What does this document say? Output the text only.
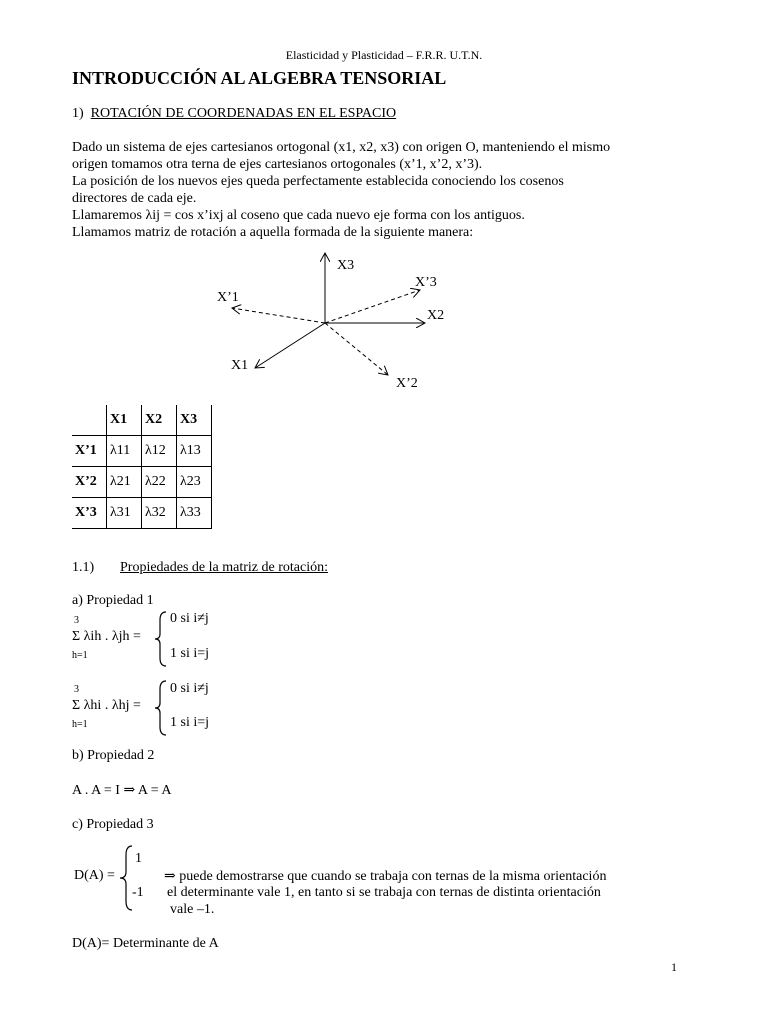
Elasticidad y Plasticidad – F.R.R. U.T.N.
INTRODUCCIÓN AL ALGEBRA TENSORIAL
1) ROTACIÓN DE COORDENADAS EN EL ESPACIO
Dado un sistema de ejes cartesianos ortogonal (x1, x2, x3) con origen O, manteniendo el mismo
origen tomamos otra terna de ejes cartesianos ortogonales (x’1, x’2, x’3).
La posición de los nuevos ejes queda perfectamente establecida conociendo los cosenos
directores de cada eje.
Llamaremos λij = cos x’ixj al coseno que cada nuevo eje forma con los antiguos.
Llamamos matriz de rotación a aquella formada de la siguiente manera:
X3
X’3
X’1
X2
X1
X’2
	X1	X2	X3
X’1	λ11	λ12	λ13
X’2	λ21	λ22	λ23
X’3	λ31	λ32	λ33
1.1) Propiedades de la matriz de rotación:
a) Propiedad 1
3
Σ λih . λjh =
h=1
0 si i≠j
1 si i=j
3
Σ λhi . λhj =
h=1
0 si i≠j
1 si i=j
b) Propiedad 2
A . A = I ⇒ A = A
c) Propiedad 3
D(A) =
1
-1
⇒ puede demostrarse que cuando se trabaja con ternas de la misma orientación
el determinante vale 1, en tanto si se trabaja con ternas de distinta orientación
vale –1.
D(A)= Determinante de A
1
